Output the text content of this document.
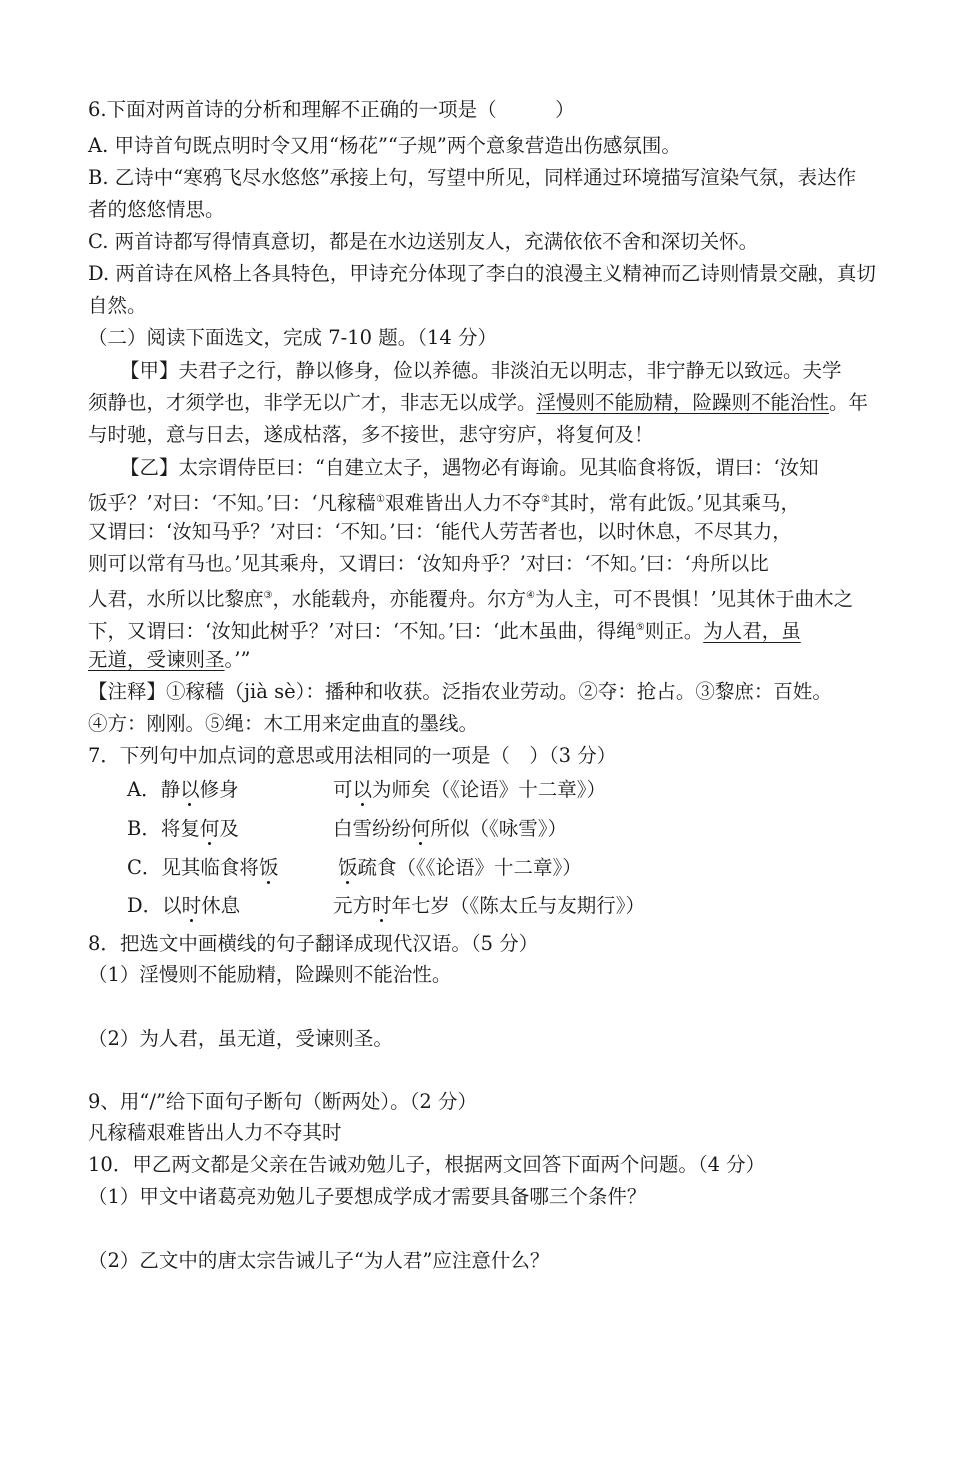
6.下面对两首诗的分析和理解不正确的一项是（　　　）
A. 甲诗首句既点明时令又用“杨花”“子规”两个意象营造出伤感氛围。
B. 乙诗中“寒鸦飞尽水悠悠”承接上句，写望中所见，同样通过环境描写渲染气氛，表达作
者的悠悠情思。
C. 两首诗都写得情真意切，都是在水边送别友人，充满依依不舍和深切关怀。
D. 两首诗在风格上各具特色，甲诗充分体现了李白的浪漫主义精神而乙诗则情景交融，真切
自然。
（二）阅读下面选文，完成 7-10 题。（14 分）
【甲】夫君子之行，静以修身，俭以养德。非淡泊无以明志，非宁静无以致远。夫学
须静也，才须学也，非学无以广才，非志无以成学。淫慢则不能励精，险躁则不能治性。年
与时驰，意与日去，遂成枯落，多不接世，悲守穷庐，将复何及！
【乙】太宗谓侍臣曰：“自建立太子，遇物必有诲谕。见其临食将饭，谓曰：‘汝知
饭乎？’对曰：‘不知。’曰：‘凡稼穑①艰难皆出人力不夺②其时，常有此饭。’见其乘马，
又谓曰：‘汝知马乎？’对曰：‘不知。’曰：‘能代人劳苦者也，以时休息，不尽其力，
则可以常有马也。’见其乘舟，又谓曰：‘汝知舟乎？’对曰：‘不知。’曰：‘舟所以比
人君，水所以比黎庶③，水能载舟，亦能覆舟。尔方④为人主，可不畏惧！’见其休于曲木之
下，又谓曰：‘汝知此树乎？’对曰：‘不知。’曰：‘此木虽曲，得绳⑤则正。为人君，虽
无道，受谏则圣。’”
【注释】①稼穑（jià sè）：播种和收获。泛指农业劳动。②夺：抢占。③黎庶：百姓。
④方：刚刚。⑤绳：木工用来定曲直的墨线。
7．下列句中加点词的意思或用法相同的一项是（　）（3 分）
A．静以修身	可以为师矣（《论语》十二章》）
B．将复何及	白雪纷纷何所似（《咏雪》）
C．见其临食将饭	饭疏食（《《论语》十二章》）
D．以时休息	元方时年七岁（《陈太丘与友期行》）
8．把选文中画横线的句子翻译成现代汉语。（5 分）
（1）淫慢则不能励精，险躁则不能治性。
（2）为人君，虽无道，受谏则圣。
9、用“/”给下面句子断句（断两处）。（2 分）
凡稼穑艰难皆出人力不夺其时
10．甲乙两文都是父亲在告诫劝勉儿子，根据两文回答下面两个问题。（4 分）
（1）甲文中诸葛亮劝勉儿子要想成学成才需要具备哪三个条件？
（2）乙文中的唐太宗告诫儿子“为人君”应注意什么？
